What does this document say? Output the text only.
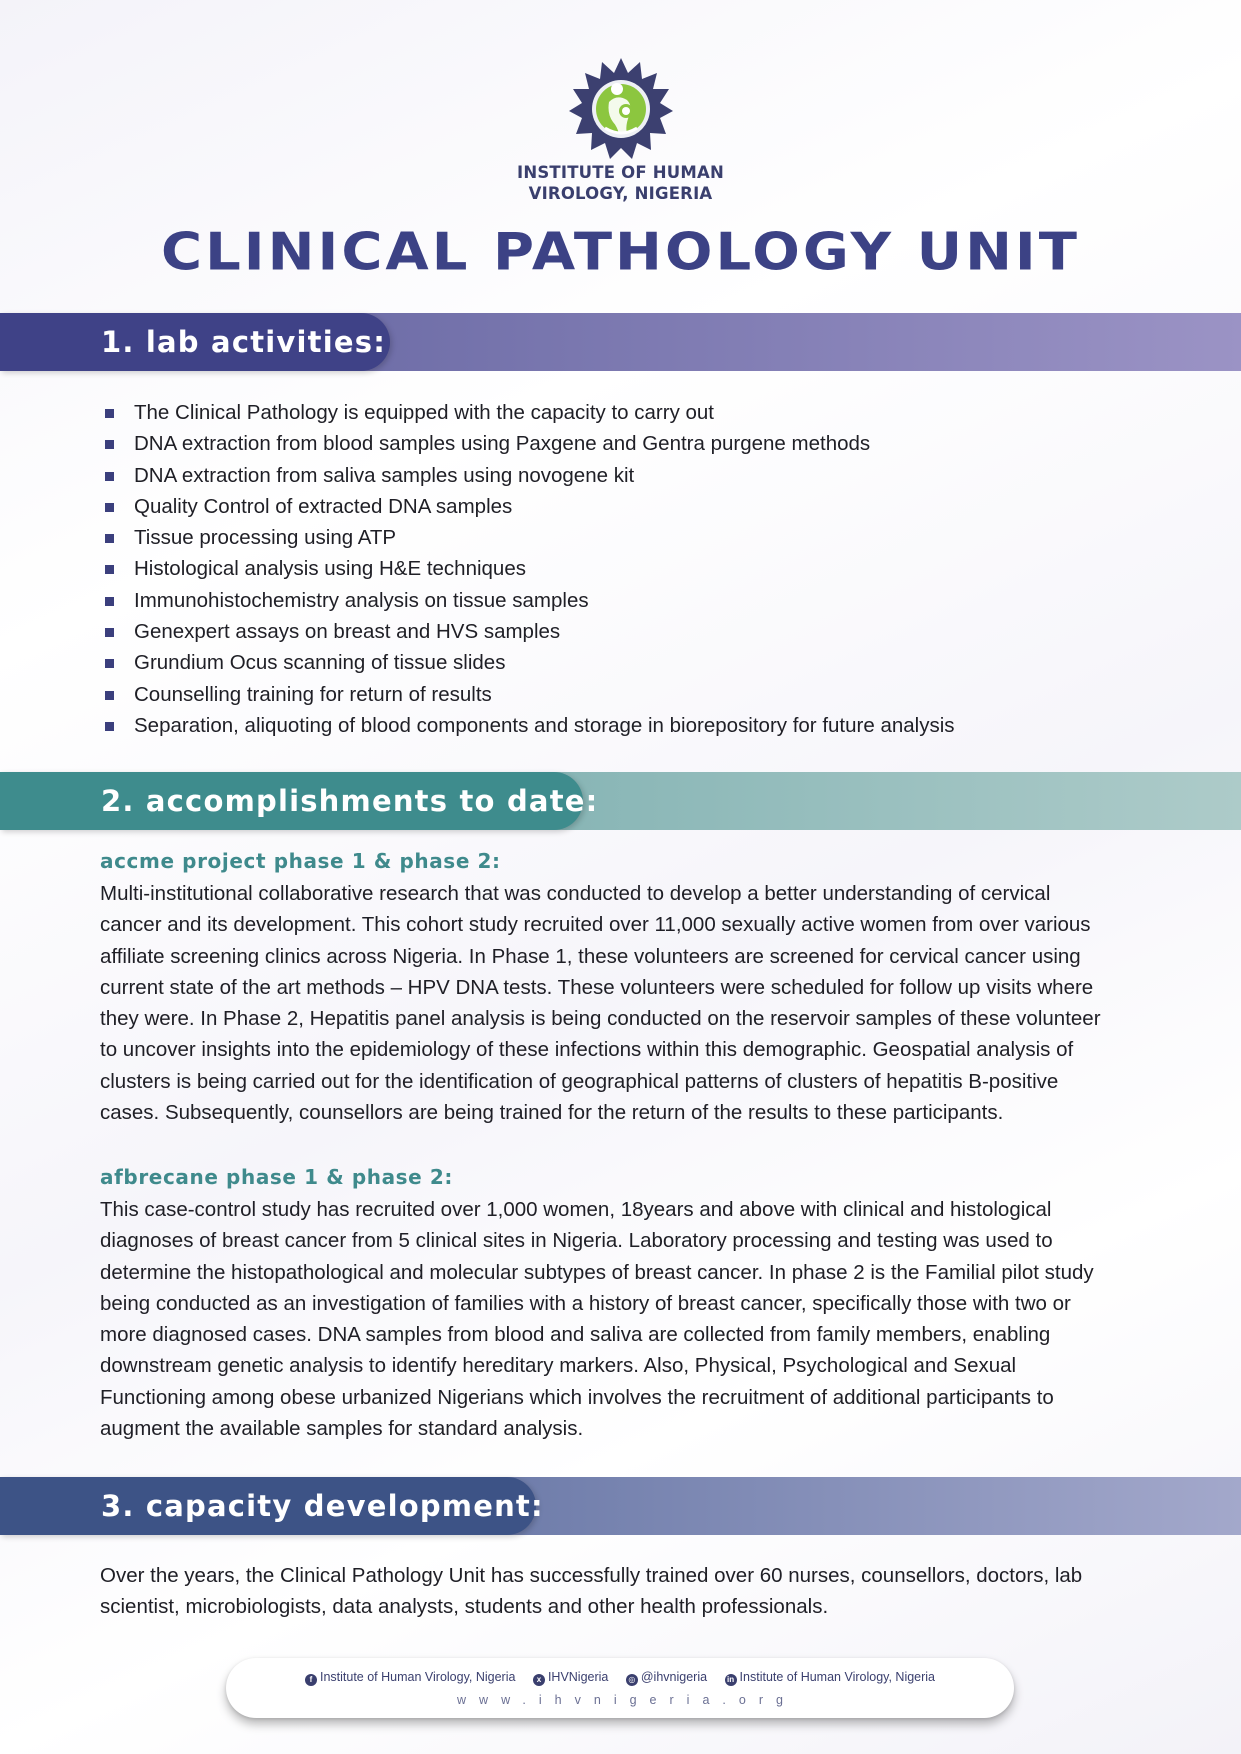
INSTITUTE OF HUMAN
VIROLOGY, NIGERIA
CLINICAL PATHOLOGY UNIT
1. lab activities:
The Clinical Pathology is equipped with the capacity to carry out
DNA extraction from blood samples using Paxgene and Gentra purgene methods
DNA extraction from saliva samples using novogene kit
Quality Control of extracted DNA samples
Tissue processing using ATP
Histological analysis using H&E techniques
Immunohistochemistry analysis on tissue samples
Genexpert assays on breast and HVS samples
Grundium Ocus scanning of tissue slides
Counselling training for return of results
Separation, aliquoting of blood components and storage in biorepository for future analysis
2. accomplishments to date:
accme project phase 1 & phase 2:

Multi-institutional collaborative research that was conducted to develop a better understanding of cervical cancer and its development. This cohort study recruited over 11,000 sexually active women from over various affiliate screening clinics across Nigeria. In Phase 1, these volunteers are screened for cervical cancer using current state of the art methods – HPV DNA tests. These volunteers were scheduled for follow up visits where they were. In Phase 2, Hepatitis panel analysis is being conducted on the reservoir samples of these volunteer to uncover insights into the epidemiology of these infections within this demographic. Geospatial analysis of clusters is being carried out for the identification of geographical patterns of clusters of hepatitis B-positive cases. Subsequently, counsellors are being trained for the return of the results to these participants.

afbrecane phase 1 & phase 2:

This case-control study has recruited over 1,000 women, 18years and above with clinical and histological diagnoses of breast cancer from 5 clinical sites in Nigeria. Laboratory processing and testing was used to determine the histopathological and molecular subtypes of breast cancer. In phase 2 is the Familial pilot study being conducted as an investigation of families with a history of breast cancer, specifically those with two or more diagnosed cases. DNA samples from blood and saliva are collected from family members, enabling downstream genetic analysis to identify hereditary markers. Also, Physical, Psychological and Sexual Functioning among obese urbanized Nigerians which involves the recruitment of additional participants to augment the available samples for standard analysis.

3. capacity development:

Over the years, the Clinical Pathology Unit has successfully trained over 60 nurses, counsellors, doctors, lab scientist, microbiologists, data analysts, students and other health professionals.

f Institute of Human Virology, Nigeria	x IHVNigeria ◎ @ihvnigeria in Institute of Human Virology, Nigeria
www.ihvnigeria.org
